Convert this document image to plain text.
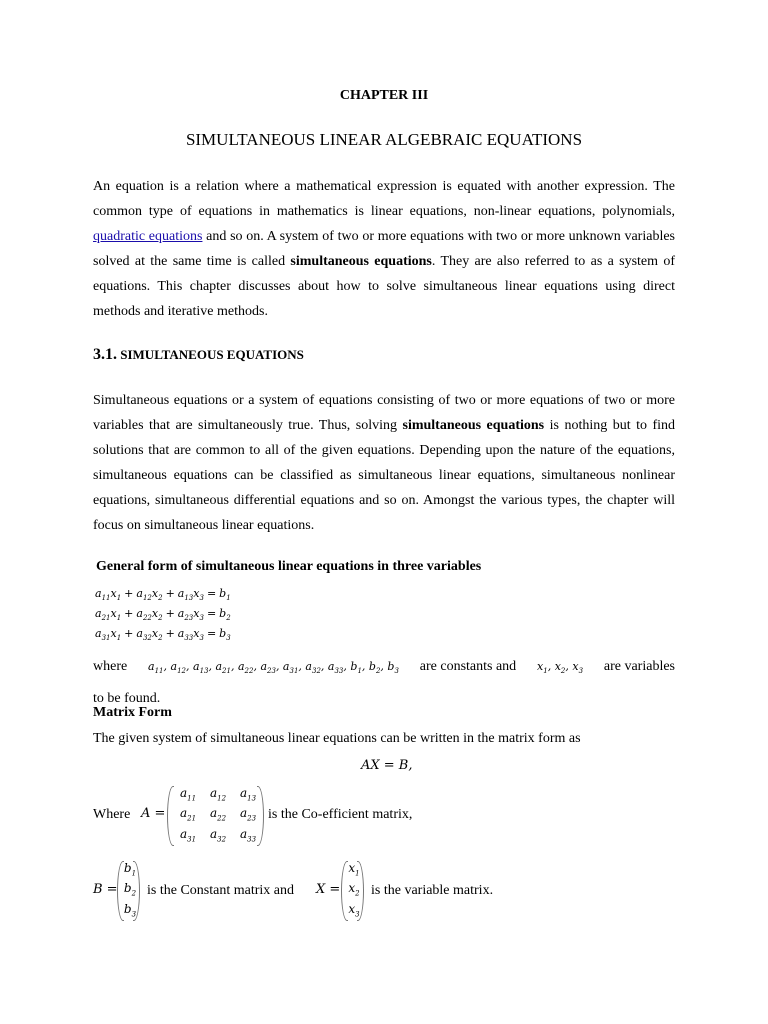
CHAPTER III
SIMULTANEOUS LINEAR ALGEBRAIC EQUATIONS
An equation is a relation where a mathematical expression is equated with another expression. The common type of equations in mathematics is linear equations, non-linear equations, polynomials, quadratic equations and so on. A system of two or more equations with two or more unknown variables solved at the same time is called simultaneous equations. They are also referred to as a system of equations. This chapter discusses about how to solve simultaneous linear equations using direct methods and iterative methods.
3.1. SIMULTANEOUS EQUATIONS
Simultaneous equations or a system of equations consisting of two or more equations of two or more variables that are simultaneously true. Thus, solving simultaneous equations is nothing but to find solutions that are common to all of the given equations. Depending upon the nature of the equations, simultaneous equations can be classified as simultaneous linear equations, simultaneous nonlinear equations, simultaneous differential equations and so on. Amongst the various types, the chapter will focus on simultaneous linear equations.
General form of simultaneous linear equations in three variables
$a_{11}x_1 + a_{12}x_2 + a_{13}x_3 = b_1$
$a_{21}x_1 + a_{22}x_2 + a_{23}x_3 = b_2$
$a_{31}x_1 + a_{32}x_2 + a_{33}x_3 = b_3$
where $a_{11}$, $a_{12}$, $a_{13}$, $a_{21}$, $a_{22}$, $a_{23}$, $a_{31}$, $a_{32}$, $a_{33}$, $b_1$, $b_2$, $b_3$ are constants and $x_1$, $x_2$, $x_3$ are variables
to be found.
Matrix Form
The given system of simultaneous linear equations can be written in the matrix form as
AX = B,
Where A =
$a_{11}$	$a_{12}$	$a_{13}$
$a_{21}$	$a_{22}$	$a_{23}$
$a_{31}$	$a_{32}$	$a_{33}$
is the Co-efficient matrix,
B =
$b_1$
$b_2$
$b_3$
is the Constant matrix and X =
$x_1$
$x_2$
$x_3$
is the variable matrix.
